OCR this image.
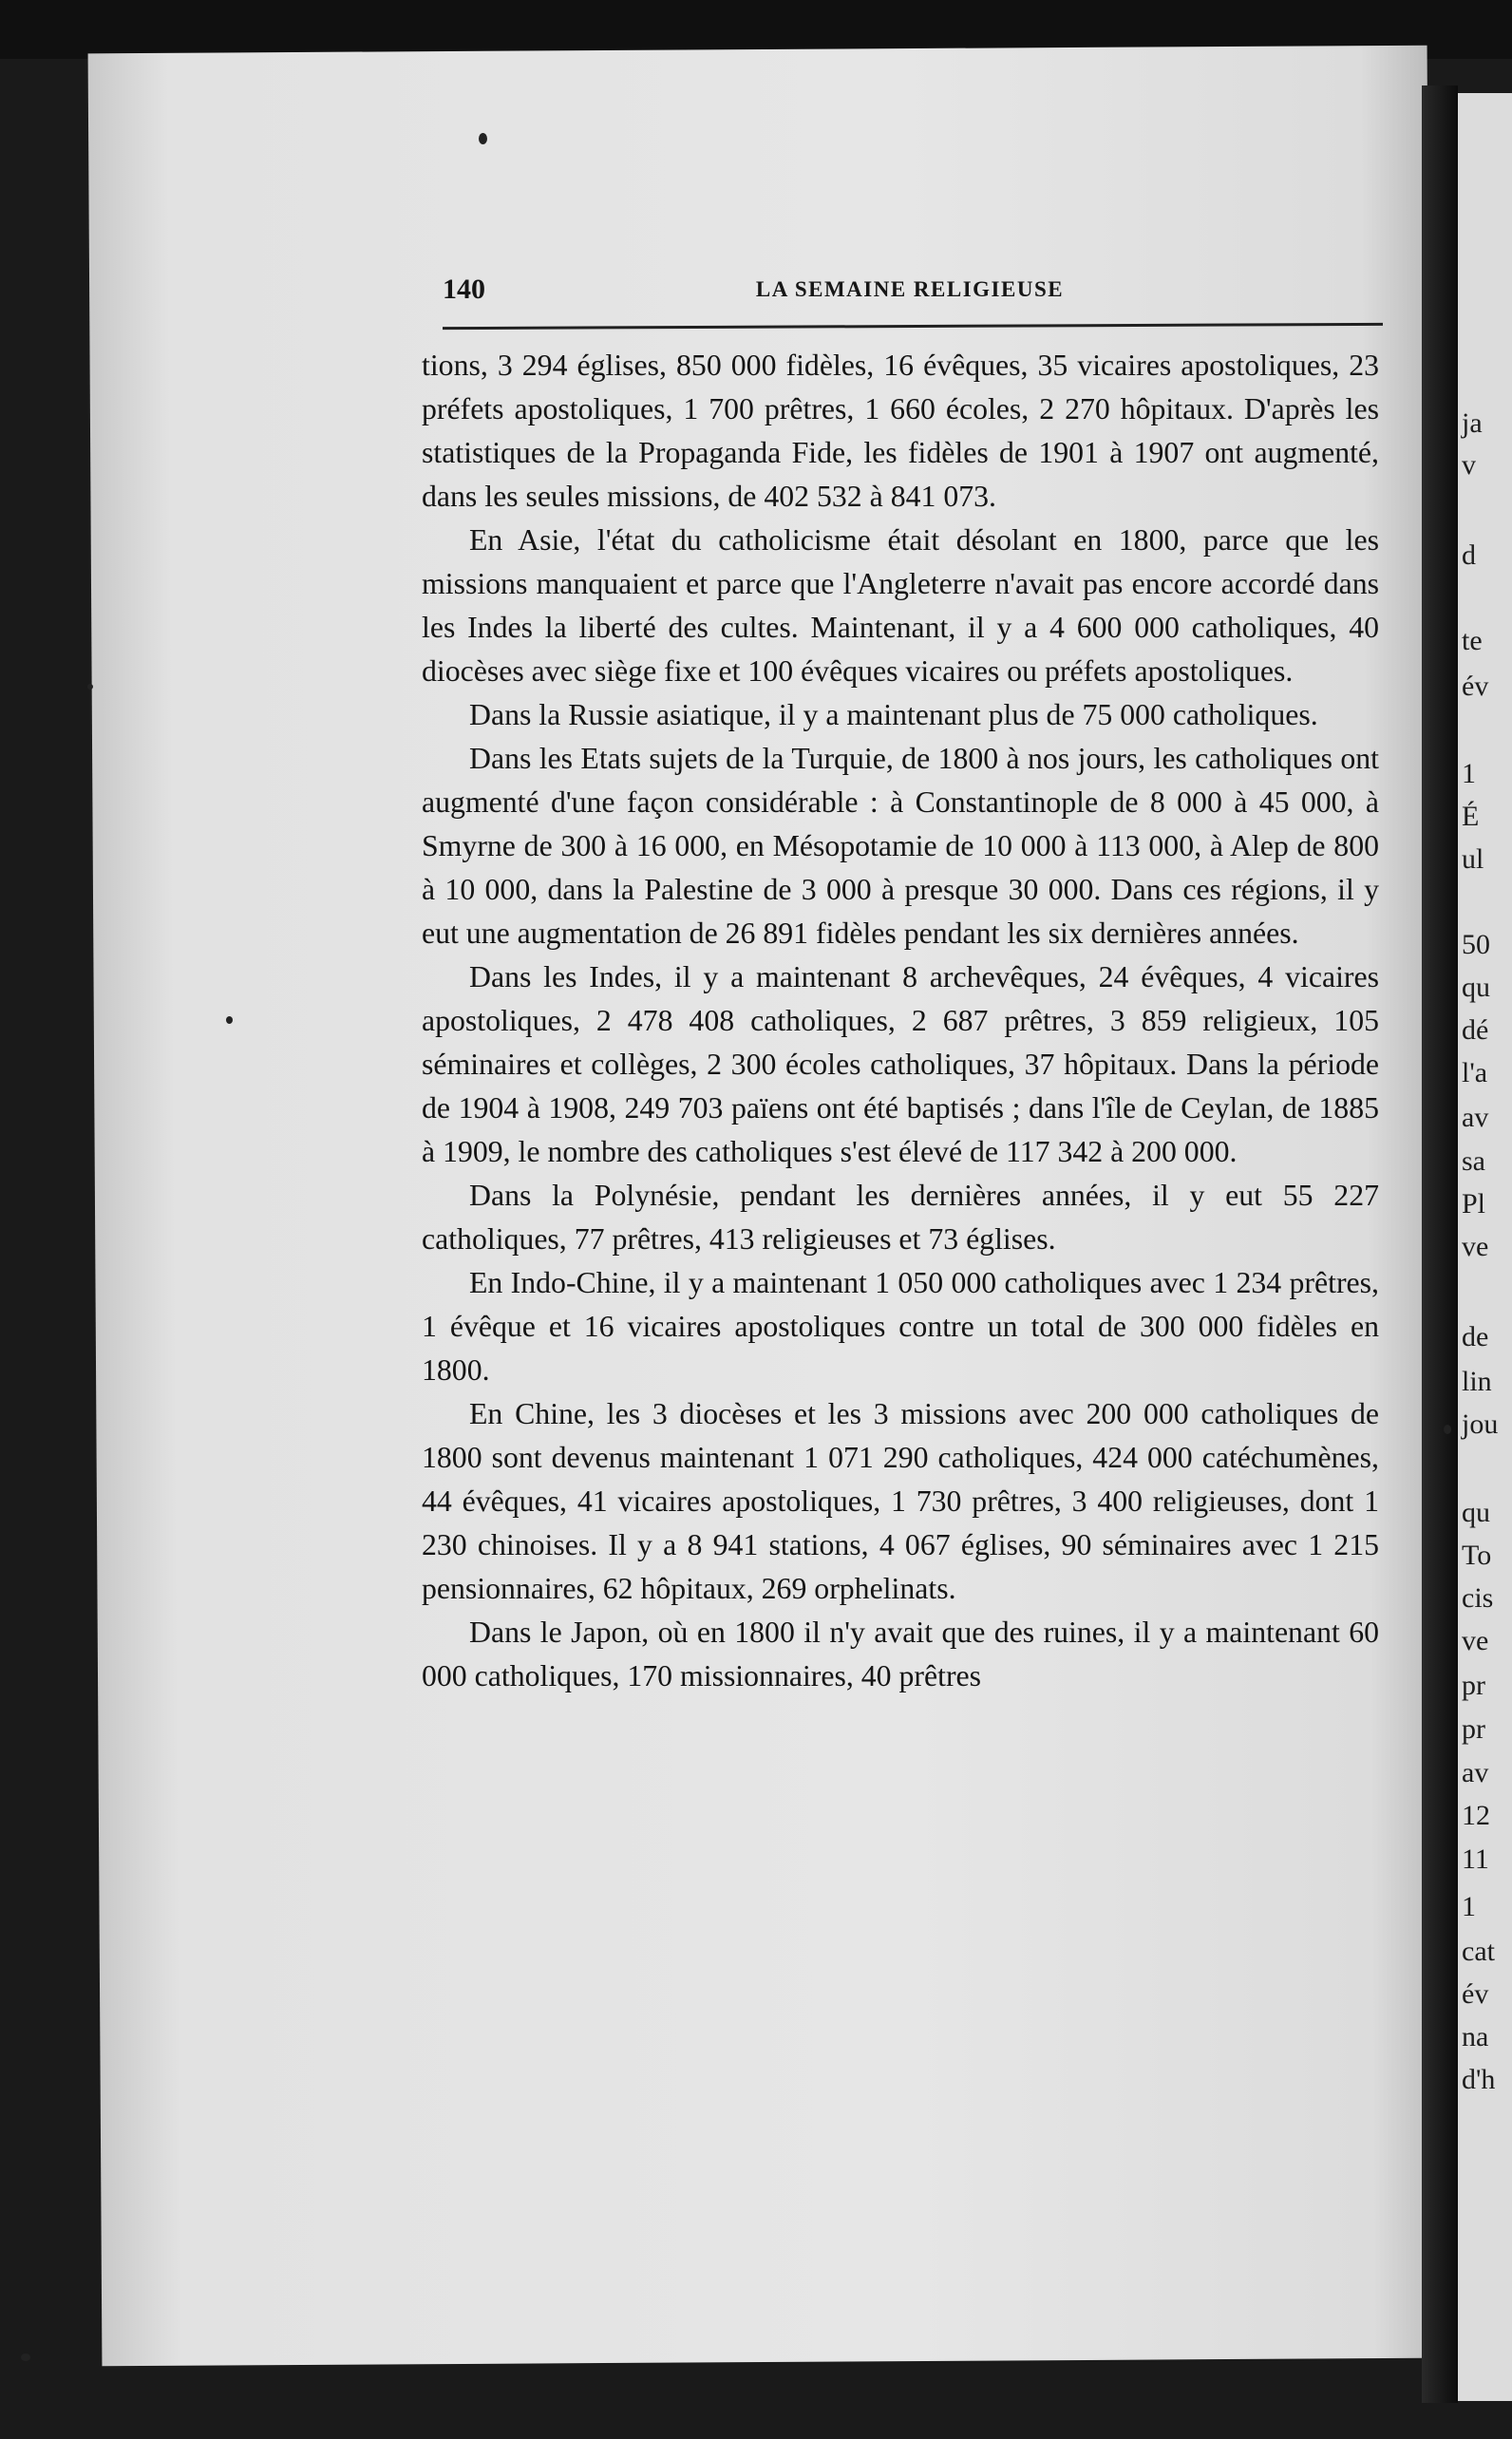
ja
v
d
te
év
1
É
ul
50
qu
dé
l'a
av
sa
Pl
ve
de
lin
jou
qu
To
cis
ve
pr
pr
av
12
11
1
cat
év
na
d'h
140	LA SEMAINE RELIGIEUSE

tions, 3 294 églises, 850 000 fidèles, 16 évêques, 35 vicaires apostoliques, 23 préfets apostoliques, 1 700 prêtres, 1 660 écoles, 2 270 hôpitaux. D'après les statistiques de la Propaganda Fide, les fidèles de 1901 à 1907 ont augmenté, dans les seules missions, de 402 532 à 841 073.

En Asie, l'état du catholicisme était désolant en 1800, parce que les missions manquaient et parce que l'Angleterre n'avait pas encore accordé dans les Indes la liberté des cultes. Maintenant, il y a 4 600 000 catholiques, 40 diocèses avec siège fixe et 100 évêques vicaires ou préfets apostoliques.

Dans la Russie asiatique, il y a maintenant plus de 75 000 catholiques.

Dans les Etats sujets de la Turquie, de 1800 à nos jours, les catholiques ont augmenté d'une façon considérable : à Constantinople de 8 000 à 45 000, à Smyrne de 300 à 16 000, en Mésopotamie de 10 000 à 113 000, à Alep de 800 à 10 000, dans la Palestine de 3 000 à presque 30 000. Dans ces régions, il y eut une augmentation de 26 891 fidèles pendant les six dernières années.

Dans les Indes, il y a maintenant 8 archevêques, 24 évêques, 4 vicaires apostoliques, 2 478 408 catholiques, 2 687 prêtres, 3 859 religieux, 105 séminaires et collèges, 2 300 écoles catholiques, 37 hôpitaux. Dans la période de 1904 à 1908, 249 703 païens ont été baptisés ; dans l'île de Ceylan, de 1885 à 1909, le nombre des catholiques s'est élevé de 117 342 à 200 000.

Dans la Polynésie, pendant les dernières années, il y eut 55 227 catholiques, 77 prêtres, 413 religieuses et 73 églises.

En Indo-Chine, il y a maintenant 1 050 000 catholiques avec 1 234 prêtres, 1 évêque et 16 vicaires apostoliques contre un total de 300 000 fidèles en 1800.

En Chine, les 3 diocèses et les 3 missions avec 200 000 catholiques de 1800 sont devenus maintenant 1 071 290 catholiques, 424 000 catéchumènes, 44 évêques, 41 vicaires apostoliques, 1 730 prêtres, 3 400 religieuses, dont 1 230 chinoises. Il y a 8 941 stations, 4 067 églises, 90 séminaires avec 1 215 pensionnaires, 62 hôpitaux, 269 orphelinats.

Dans le Japon, où en 1800 il n'y avait que des ruines, il y a maintenant 60 000 catholiques, 170 missionnaires, 40 prêtres
